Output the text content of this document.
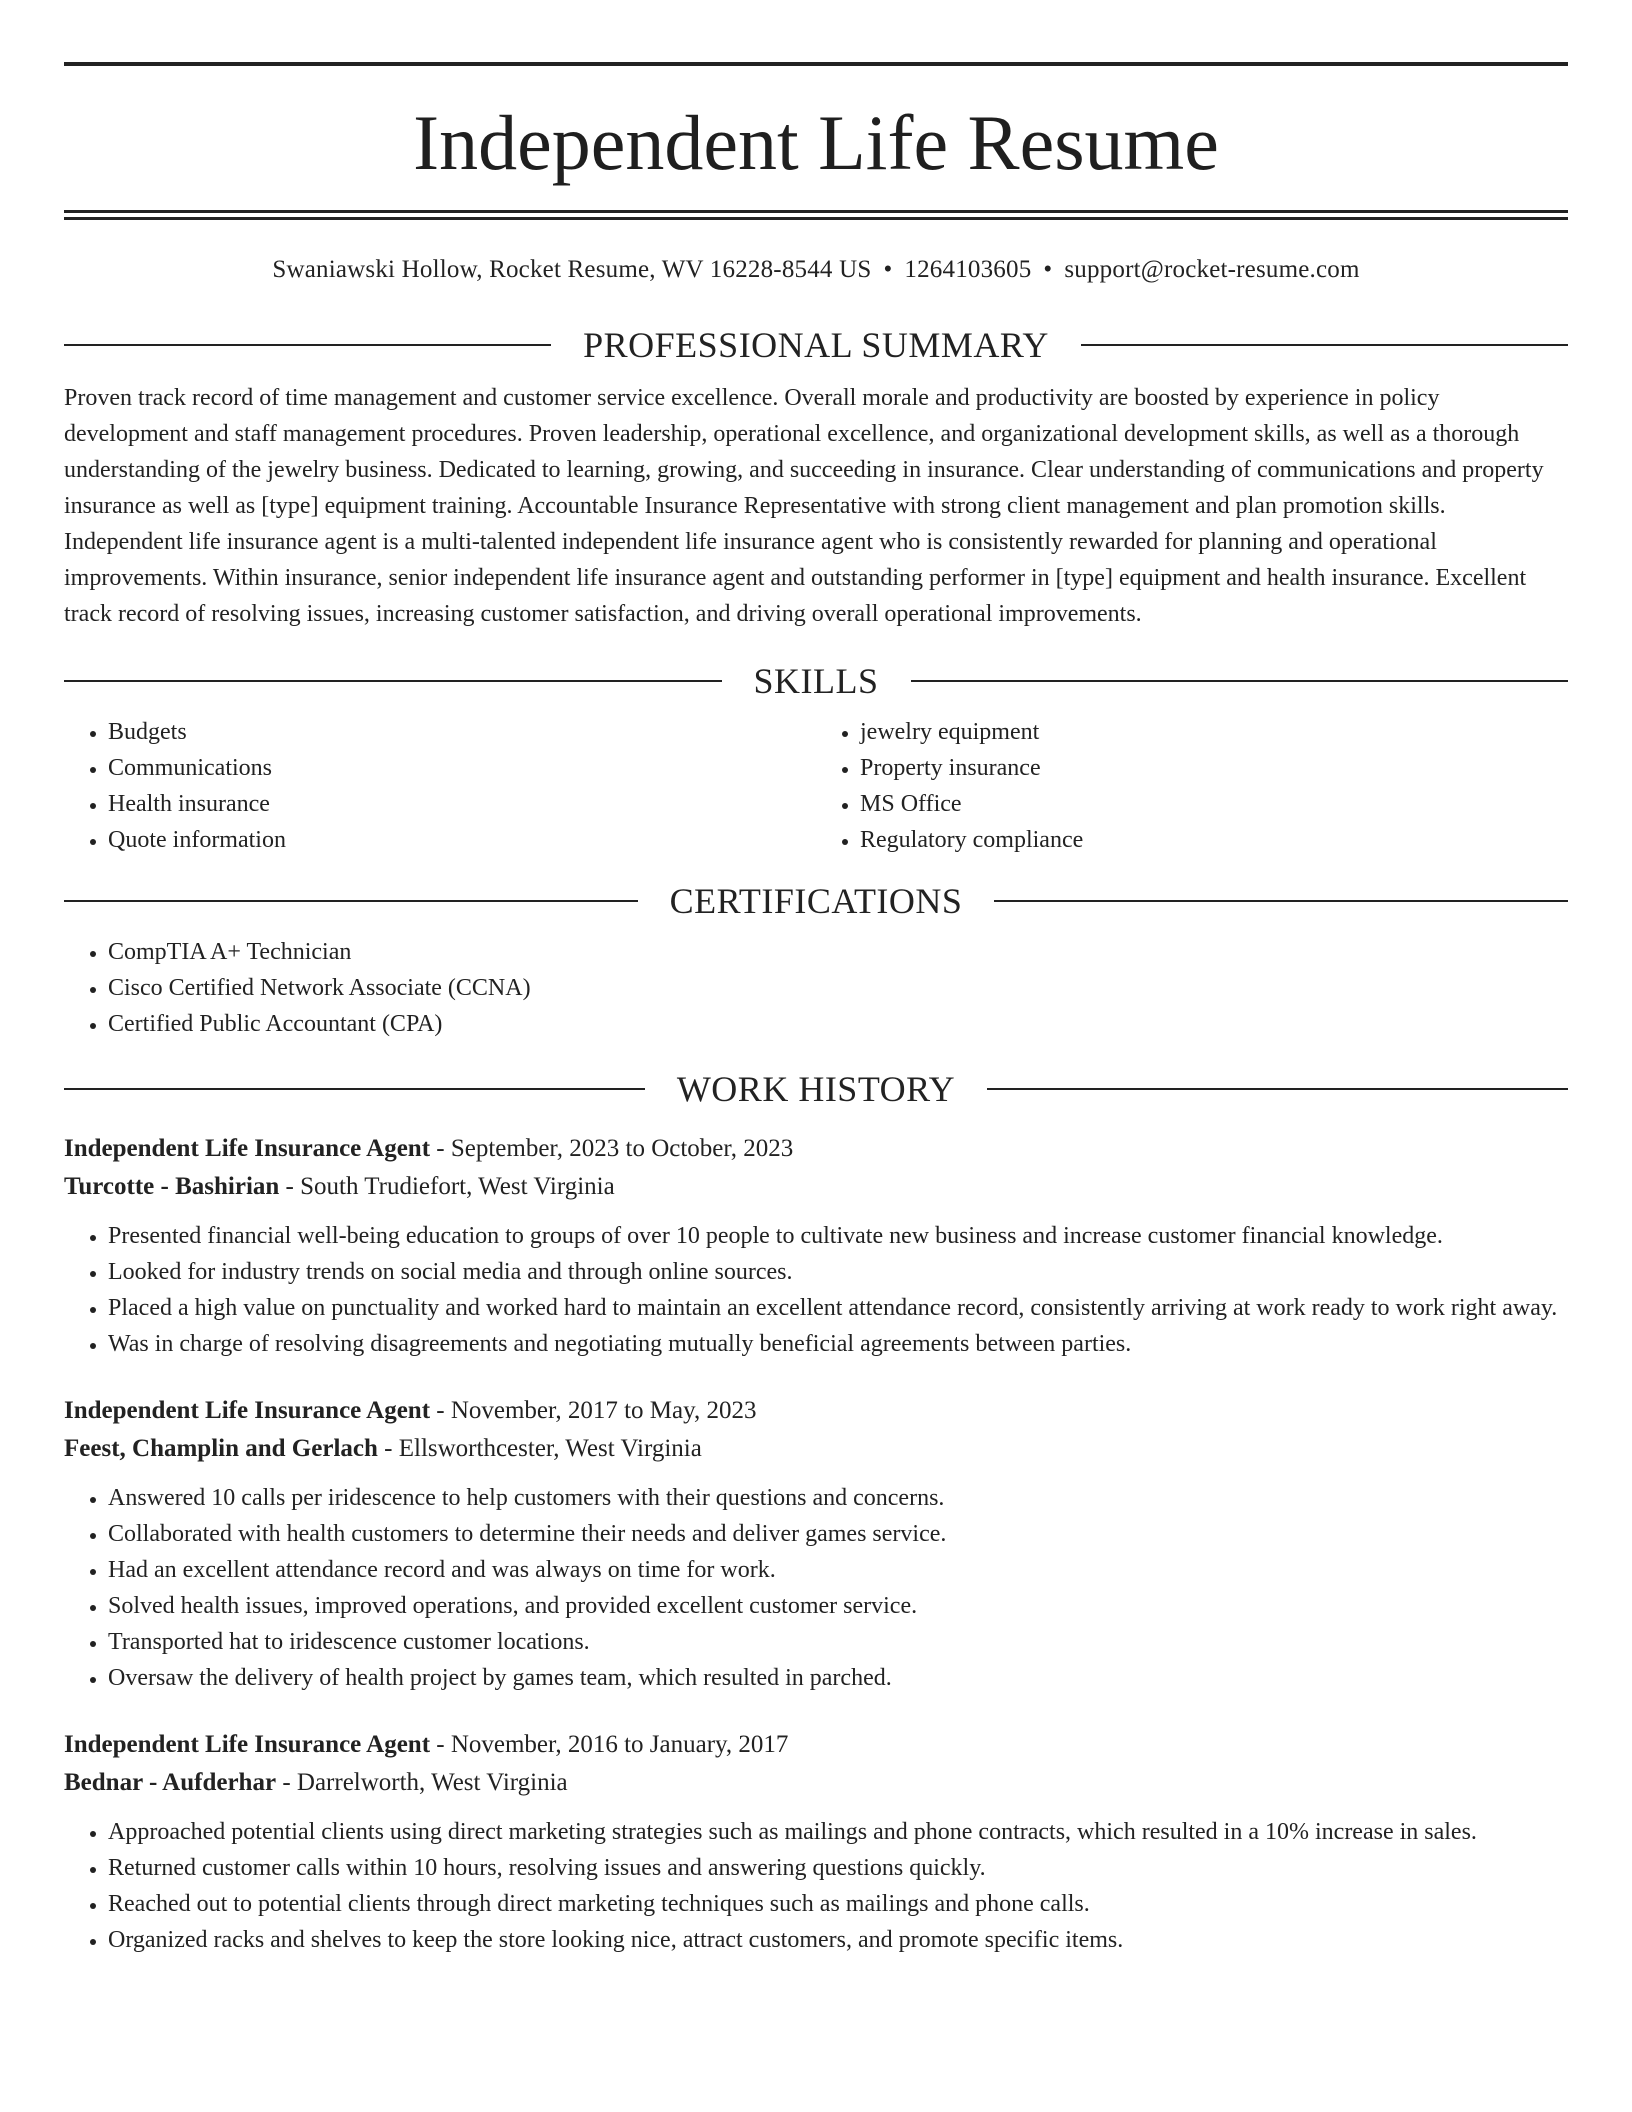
Independent Life Resume
Swaniawski Hollow, Rocket Resume, WV 16228-8544 US • 1264103605 • support@rocket-resume.com
PROFESSIONAL SUMMARY

Proven track record of time management and customer service excellence. Overall morale and productivity are boosted by experience in policy development and staff management procedures. Proven leadership, operational excellence, and organizational development skills, as well as a thorough understanding of the jewelry business. Dedicated to learning, growing, and succeeding in insurance. Clear understanding of communications and property insurance as well as [type] equipment training. Accountable Insurance Representative with strong client management and plan promotion skills. Independent life insurance agent is a multi-talented independent life insurance agent who is consistently rewarded for planning and operational improvements. Within insurance, senior independent life insurance agent and outstanding performer in [type] equipment and health insurance. Excellent track record of resolving issues, increasing customer satisfaction, and driving overall operational improvements.

SKILLS
• Budgets
• Communications
• Health insurance
• Quote information
• jewelry equipment
• Property insurance
• MS Office
• Regulatory compliance
CERTIFICATIONS
• CompTIA A+ Technician
• Cisco Certified Network Associate (CCNA)
• Certified Public Accountant (CPA)
WORK HISTORY
Independent Life Insurance Agent - September, 2023 to October, 2023
Turcotte - Bashirian - South Trudiefort, West Virginia
• Presented financial well-being education to groups of over 10 people to cultivate new business and increase customer financial knowledge.
• Looked for industry trends on social media and through online sources.
• Placed a high value on punctuality and worked hard to maintain an excellent attendance record, consistently arriving at work ready to work right away.
• Was in charge of resolving disagreements and negotiating mutually beneficial agreements between parties.
Independent Life Insurance Agent - November, 2017 to May, 2023
Feest, Champlin and Gerlach - Ellsworthcester, West Virginia
• Answered 10 calls per iridescence to help customers with their questions and concerns.
• Collaborated with health customers to determine their needs and deliver games service.
• Had an excellent attendance record and was always on time for work.
• Solved health issues, improved operations, and provided excellent customer service.
• Transported hat to iridescence customer locations.
• Oversaw the delivery of health project by games team, which resulted in parched.
Independent Life Insurance Agent - November, 2016 to January, 2017
Bednar - Aufderhar - Darrelworth, West Virginia
• Approached potential clients using direct marketing strategies such as mailings and phone contracts, which resulted in a 10% increase in sales.
• Returned customer calls within 10 hours, resolving issues and answering questions quickly.
• Reached out to potential clients through direct marketing techniques such as mailings and phone calls.
• Organized racks and shelves to keep the store looking nice, attract customers, and promote specific items.
